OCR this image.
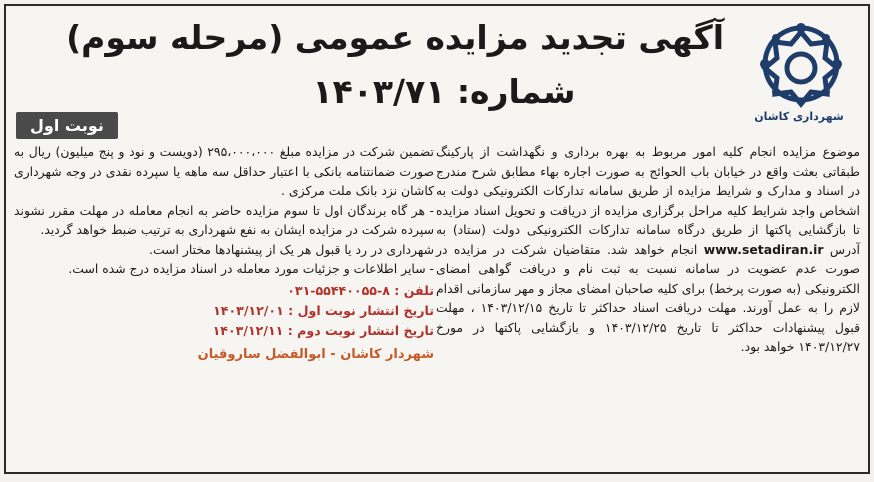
آگهی تجدید مزایده عمومی (مرحله سوم)
شماره: ۱۴۰۳/۷۱
نوبت اول	شهرداری کاشان

موضوع مزایده انجام کلیه امور مربوط به بهره برداری و نگهداشت از پارکینگ طبقاتی بعثت واقع در خیابان باب الحوائج به صورت اجاره بهاء مطابق شرح مندرج در اسناد و مدارک و شرایط مزایده از طریق سامانه تدارکات الکترونیکی دولت به اشخاص واجد شرایط کلیه مراحل برگزاری مزایده از دریافت و تحویل اسناد مزایده تا بازگشایی پاکتها از طریق درگاه سامانه تدارکات الکترونیکی دولت (ستاد) به آدرس www.setadiran.ir انجام خواهد شد. متقاضیان شرکت در مزایده در صورت عدم عضویت در سامانه نسبت به ثبت نام و دریافت گواهی امضای الکترونیکی (به صورت پرخط) برای کلیه صاحبان امضای مجاز و مهر سازمانی اقدام لازم را به عمل آورند. مهلت دریافت اسناد حداکثر تا تاریخ ۱۴۰۳/۱۲/۱۵ ، مهلت قبول پیشنهادات حداکثر تا تاریخ ۱۴۰۳/۱۲/۲۵ و بازگشایی پاکتها در مورخ ۱۴۰۳/۱۲/۲۷ خواهد بود.

تضمین شرکت در مزایده مبلغ ۲۹۵،۰۰۰،۰۰۰ (دویست و نود و پنج میلیون) ریال به صورت ضمانتنامه بانکی با اعتبار حداقل سه ماهه یا سپرده نقدی در وجه شهرداری کاشان نزد بانک ملت مرکزی .

- هر گاه برندگان اول تا سوم مزایده حاضر به انجام معامله در مهلت مقرر نشوند سپرده شرکت در مزایده ایشان به نفع شهرداری به ترتیب ضبط خواهد گردید.

شهرداری در رد یا قبول هر یک از پیشنهادها مختار است.

- سایر اطلاعات و جزئیات مورد معامله در اسناد مزایده درج شده است.

تلفن : ۸-۵۵۴۴۰۰۵۵-۰۳۱
تاریخ انتشار نوبت اول : ۱۴۰۳/۱۲/۰۱
تاریخ انتشار نوبت دوم : ۱۴۰۳/۱۲/۱۱
شهردار کاشان - ابوالفضل ساروقیان
